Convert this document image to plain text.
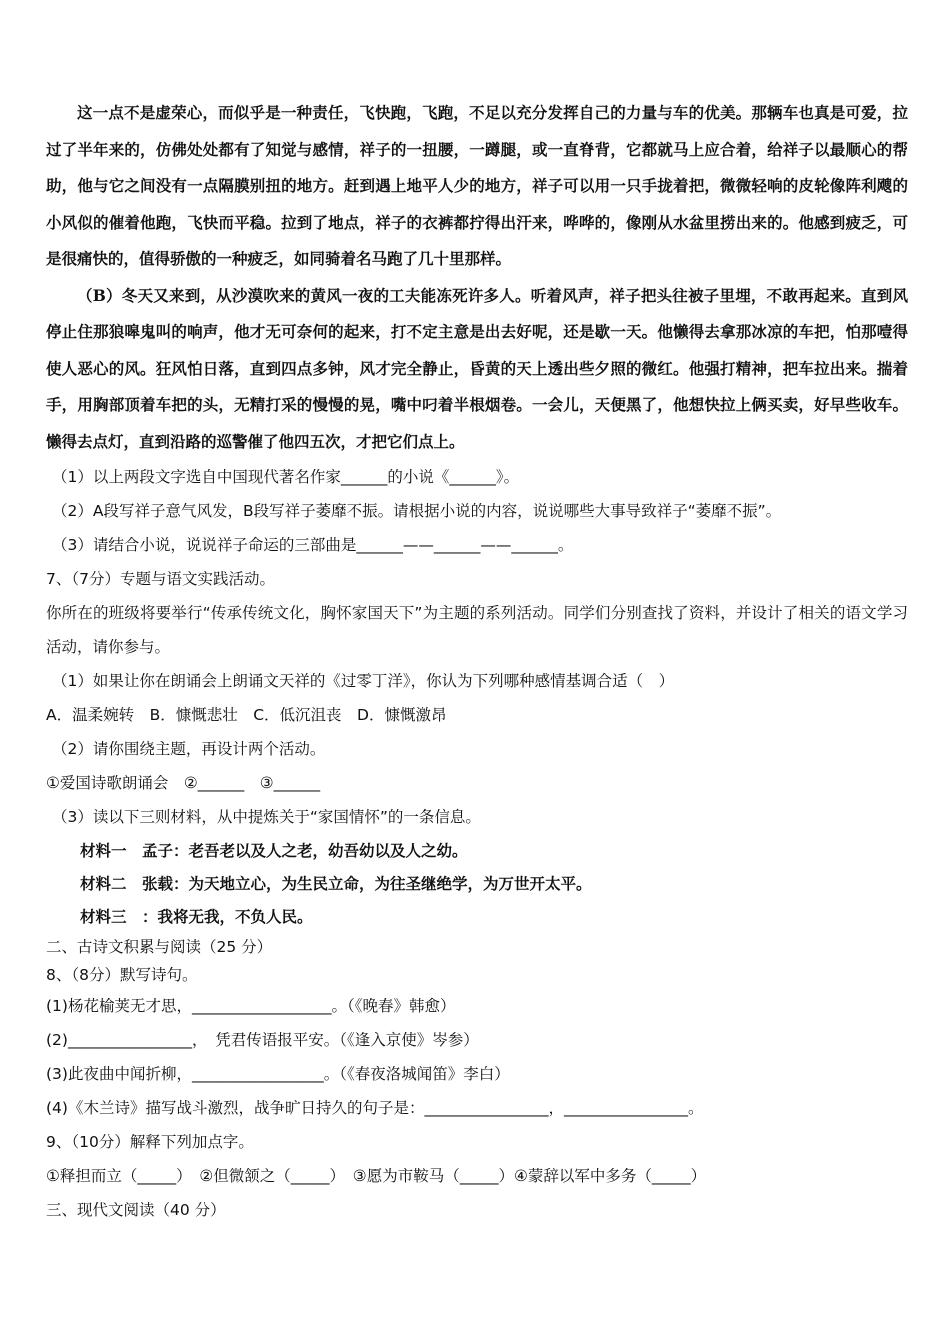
这一点不是虚荣心，而似乎是一种责任，飞快跑，飞跑，不足以充分发挥自己的力量与车的优美。那辆车也真是可爱，拉过了半年来的，仿佛处处都有了知觉与感情，祥子的一扭腰，一蹲腿，或一直脊背，它都就马上应合着，给祥子以最顺心的帮助，他与它之间没有一点隔膜别扭的地方。赶到遇上地平人少的地方，祥子可以用一只手拢着把，微微轻响的皮轮像阵利飕的小风似的催着他跑，飞快而平稳。拉到了地点，祥子的衣裤都拧得出汗来，哗哗的，像刚从水盆里捞出来的。他感到疲乏，可是很痛快的，值得骄傲的一种疲乏，如同骑着名马跑了几十里那样。

（B）冬天又来到，从沙漠吹来的黄风一夜的工夫能冻死许多人。听着风声，祥子把头往被子里埋，不敢再起来。直到风停止住那狼嗥鬼叫的响声，他才无可奈何的起来，打不定主意是出去好呢，还是歇一天。他懒得去拿那冰凉的车把，怕那噎得使人恶心的风。狂风怕日落，直到四点多钟，风才完全静止，昏黄的天上透出些夕照的微红。他强打精神，把车拉出来。揣着手，用胸部顶着车把的头，无精打采的慢慢的晃，嘴中叼着半根烟卷。一会儿，天便黑了，他想快拉上俩买卖，好早些收车。懒得去点灯，直到沿路的巡警催了他四五次，才把它们点上。

（1）以上两段文字选自中国现代著名作家______的小说《______》。
（2）A段写祥子意气风发，B段写祥子萎靡不振。请根据小说的内容，说说哪些大事导致祥子“萎靡不振”。
（3）请结合小说，说说祥子命运的三部曲是______——______——______。
7、（7分）专题与语文实践活动。

你所在的班级将要举行“传承传统文化，胸怀家国天下”为主题的系列活动。同学们分别查找了资料，并设计了相关的语文学习活动，请你参与。

（1）如果让你在朗诵会上朗诵文天祥的《过零丁洋》，你认为下列哪种感情基调合适（　）
A．温柔婉转　B．慷慨悲壮　C．低沉沮丧　D．慷慨激昂
（2）请你围绕主题，再设计两个活动。
①爱国诗歌朗诵会　②______　③______
（3）读以下三则材料，从中提炼关于“家国情怀”的一条信息。
材料一　孟子：老吾老以及人之老，幼吾幼以及人之幼。
材料二　张载：为天地立心，为生民立命，为往圣继绝学，为万世开太平。
材料三　：我将无我，不负人民。
二、古诗文积累与阅读（25 分）
8、（8分）默写诗句。
(1)杨花榆荚无才思，__________________。（《晚春》韩愈）
(2)________________，　凭君传语报平安。（《逢入京使》岑参）
(3)此夜曲中闻折柳，_________________。（《春夜洛城闻笛》李白）
(4)《木兰诗》描写战斗激烈，战争旷日持久的句子是：________________，________________。
9、（10分）解释下列加点字。
①释担而立（_____）　②但微颔之（_____）　③愿为市鞍马（_____）④蒙辞以军中多务（_____）
三、现代文阅读（40 分）
